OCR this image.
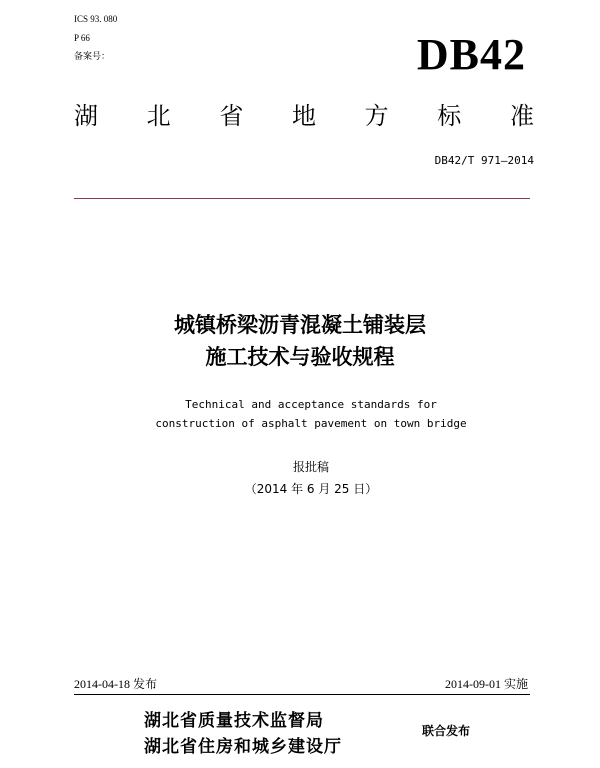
ICS 93. 080
P 66
备案号：	DB42
湖 北 省 地 方 标 准
DB42/T 971—2014
城镇桥梁沥青混凝土铺装层
施工技术与验收规程
Technical and acceptance standards for
construction of asphalt pavement on town bridge
报批稿
（2014 年 6 月 25 日）
2014-04-18 发布	2014-09-01 实施
湖北省质量技术监督局
湖北省住房和城乡建设厅
联合发布
